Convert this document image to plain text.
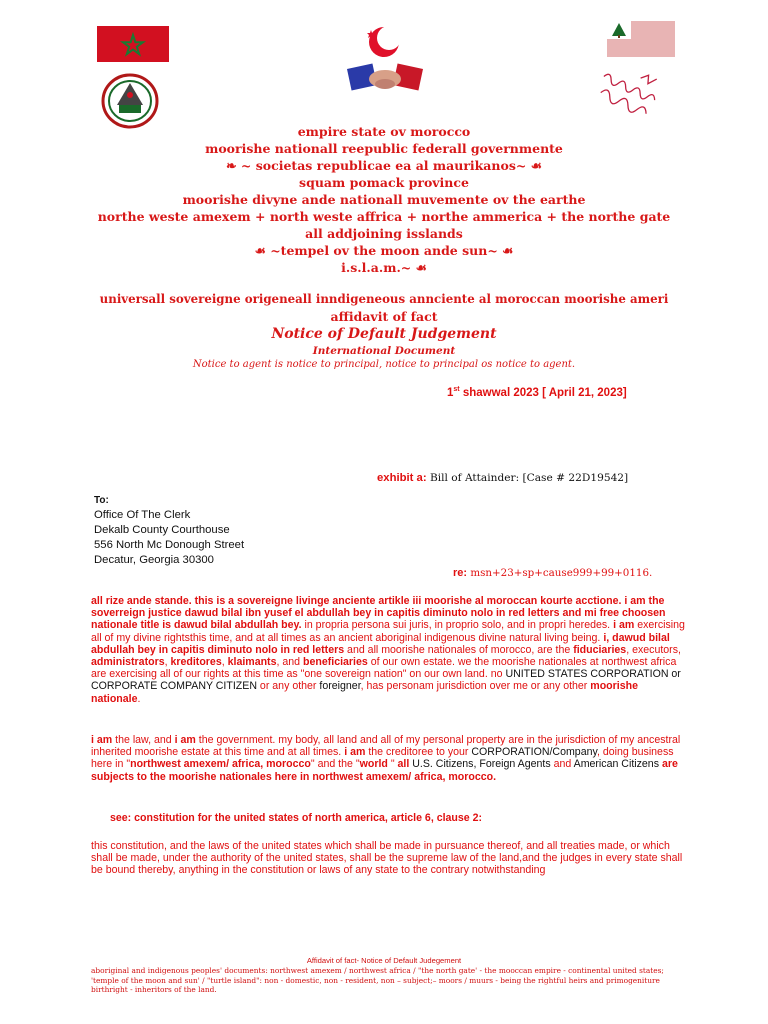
empire state ov morocco
moorishe nationall reepublic federall governmente
❧ ~ societas republicae ea al maurikanos~ ☙
squam pomack province
moorishe divyne ande nationall muvemente ov the earthe
northe weste amexem + north weste affrica + northe ammerica + the northe gate
all addjoining isslands
☙ ~tempel ov the moon ande sun~ ☙
i.s.l.a.m.~ ☙
universall sovereigne origeneall inndigeneous annciente al moroccan moorishe ameri
affidavit of fact
Notice of Default Judgement
International Document
Notice to agent is notice to principal, notice to principal os notice to agent.
1st shawwal 2023 [ April 21, 2023]
exhibit a: Bill of Attainder: [Case # 22D19542]
To:
Office Of The Clerk
Dekalb County Courthouse
556 North Mc Donough Street
Decatur, Georgia 30300
re: msn+23+sp+cause999+99+0116.
all rize ande stande. this is a sovereigne livinge anciente artikle iii moorishe al moroccan kourte acctione. i am the soverreign justice dawud bilal ibn yusef el abdullah bey in capitis diminuto nolo in red letters and mi free choosen nationale title is dawud bilal abdullah bey. in propria persona sui juris, in proprio solo, and in propri heredes. i am exercising all of my divine rightsthis time, and at all times as an ancient aboriginal indigenous divine natural living being. i, dawud bilal abdullah bey in capitis diminuto nolo in red letters and all moorishe nationales of morocco, are the fiduciaries, executors, administrators, kreditores, klaimants, and beneficiaries of our own estate. we the moorishe nationales at northwest africa are exercising all of our rights at this time as "one sovereign nation" on our own land. no UNITED STATES CORPORATION or CORPORATE COMPANY CITIZEN or any other foreigner, has personam jurisdiction over me or any other moorishe nationale.
i am the law, and i am the government. my body, all land and all of my personal property are in the jurisdiction of my ancestral inherited moorishe estate at this time and at all times. i am the creditoree to your CORPORATION/Company, doing business here in "northwest amexem/ africa, morocco" and the "world " all U.S. Citizens, Foreign Agents and American Citizens are subjects to the moorishe nationales here in northwest amexem/ africa, morocco.
see: constitution for the united states of north america, article 6, clause 2:
this constitution, and the laws of the united states which shall be made in pursuance thereof, and all treaties made, or which shall be made, under the authority of the united states, shall be the supreme law of the land,and the judges in every state shall be bound thereby, anything in the constitution or laws of any state to the contrary notwithstanding
Affidavit of fact- Notice of Default Judegement
aboriginal and indigenous peoples' documents: northwest amexem / northwest africa / "the north gate' - the mooccan empire - continental united states; 'temple of the moon and sun' / "turtle island": non - domestic, non - resident, non – subject;– moors / muurs - being the rightful heirs and primogeniture birthright - inheritors of the land.
